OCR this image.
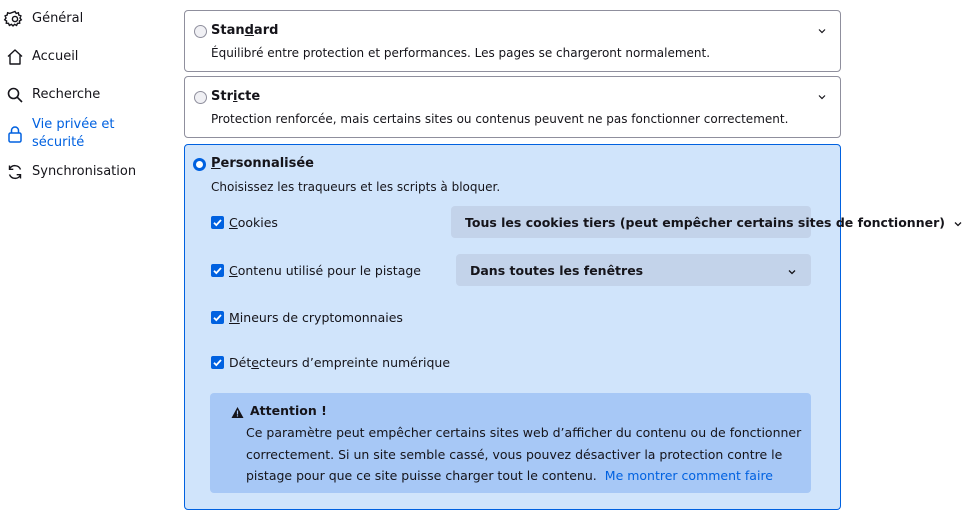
Général
Accueil
Recherche
Vie privée et sécurité
Synchronisation
Standard
Équilibré entre protection et performances. Les pages se chargeront normalement.
Stricte
Protection renforcée, mais certains sites ou contenus peuvent ne pas fonctionner correctement.
Personnalisée
Choisissez les traqueurs et les scripts à bloquer.
Cookies	Tous les cookies tiers (peut empêcher certains sites de fonctionner)
Contenu utilisé pour le pistage	Dans toutes les fenêtres
Mineurs de cryptomonnaies
Détecteurs d’empreinte numérique
Attention !
Ce paramètre peut empêcher certains sites web d’afficher du contenu ou de fonctionner correctement. Si un site semble cassé, vous pouvez désactiver la protection contre le pistage pour que ce site puisse charger tout le contenu. Me montrer comment faire
